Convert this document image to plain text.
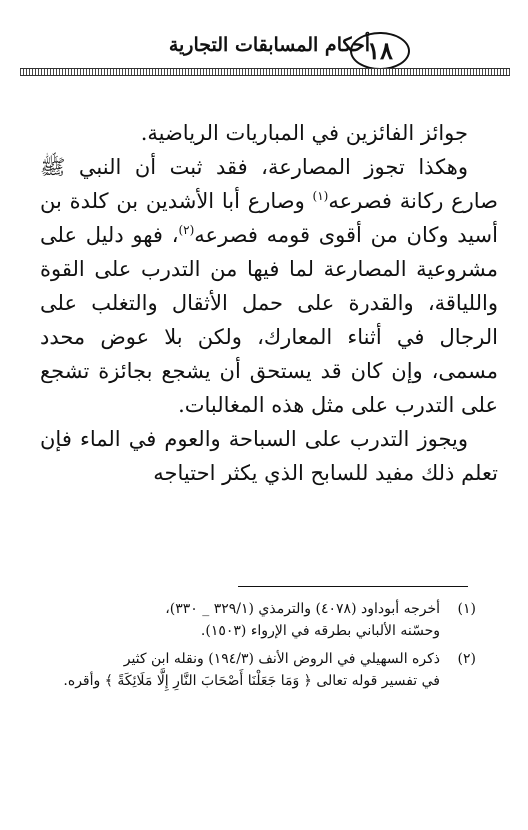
١٨
أحكام المسابقات التجارية

جوائز الفائزين في المباريات الرياضية.

وهكذا تجوز المصارعة، فقد ثبت أن النبي ﷺ صارع ركانة فصرعه$^{(١)}$ وصارع أبا الأشدين بن كلدة بن أسيد وكان من أقوى قومه فصرعه$^{(٢)}$، فهو دليل على مشروعية المصارعة لما فيها من التدرب على القوة واللياقة، والقدرة على حمل الأثقال والتغلب على الرجال في أثناء المعارك، ولكن بلا عوض محدد مسمى، وإن كان قد يستحق أن يشجع بجائزة تشجع على التدرب على مثل هذه المغالبات.

ويجوز التدرب على السباحة والعوم في الماء فإن تعلم ذلك مفيد للسابح الذي يكثر احتياجه

(١)
أخرجه أبوداود (٤٠٧٨) والترمذي (٣٢٩/١ _ ٣٣٠)،
وحسّنه الألباني بطرقه في الإرواء (١٥٠٣).
(٢)
ذكره السهيلي في الروض الأنف (١٩٤/٣) ونقله ابن كثير
في تفسير قوله تعالى ﴿ وَمَا جَعَلْنَا أَصْحَابَ النَّارِ إِلَّا مَلَائِكَةً ﴾ وأقره.
